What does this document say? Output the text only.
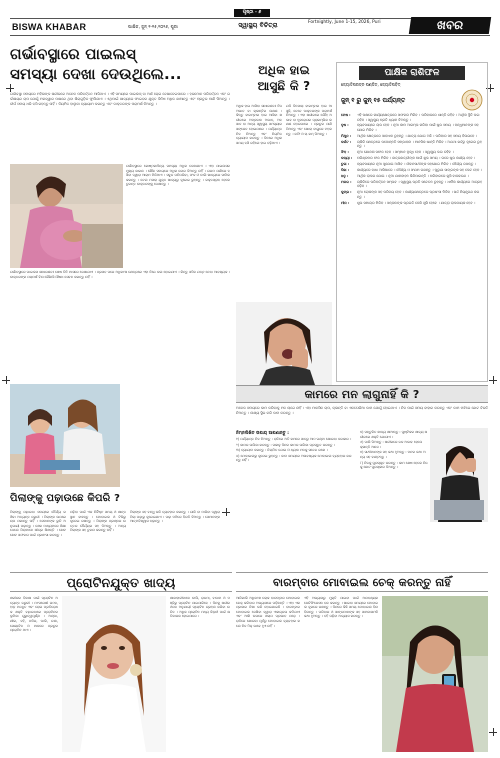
ପୃଷ୍ଠା - ୬
BISWA KHABAR	ପାକ୍ଷିକ, ଜୁନ୍ ୧-୧୫,୨୦୨୬, ପୁରୀ	ସ୍ୱାସ୍ଥ୍ୟ ବିଚିତ୍ରା	Fortnightly, June 1-15, 2026, Puri	ଖବର
ଗର୍ଭାବସ୍ଥାରେ ପାଇଲସ୍
ସମସ୍ୟା ଦେଖା ଦେଉଥିଲେ...
ଗର୍ଭାବସ୍ଥା ସମୟରେ ମହିଳାଙ୍କ ଶରୀରରେ ଅନେକ ପରିବର୍ତ୍ତନ ଆସିଥାଏ । ଏହି ସମୟରେ ପାଇଲସ୍ ବା ଅର୍ଶ ରୋଗ ଦେଖାଦେଇପାରେ । ହରମୋନ ପରିବର୍ତ୍ତନ ଏବଂ ଗର୍ଭାଶୟର ଚାପ ଯୋଗୁଁ ମଳଦ୍ୱାର ପାଖରେ ଥିବା ଶିରାଗୁଡ଼ିକ ଫୁଲିଯାଏ । ଏଥିପାଇଁ ଖାଦ୍ୟରେ ଫାଇବର ଯୁକ୍ତ ଜିନିଷ ଅଧିକ ଖାଆନ୍ତୁ ଏବଂ ପ୍ରଚୁର ପାଣି ପିଅନ୍ତୁ । ଦୀର୍ଘ ସମୟ ଧରି ବସି ରହନ୍ତୁ ନାହିଁ । ନିୟମିତ ହାଲୁକା ବ୍ୟାୟାମ କରନ୍ତୁ ଏବଂ ଡାକ୍ତରଙ୍କ ପରାମର୍ଶ ନିଅନ୍ତୁ ।
ଗର୍ଭାବସ୍ଥାରେ କୋଷ୍ଠକାଠିନ୍ୟ ସମସ୍ୟା ଅଧିକ ଦେଖାଯାଏ । ଏହା ପାଇଲସର ମୁଖ୍ୟ କାରଣ । ଶୌଚ ସମୟରେ ଅଧିକ ଜୋର ଦିଅନ୍ତୁ ନାହିଁ । ଗରମ ପାଣିରେ ବସିବା ଦ୍ୱାରା ଆରାମ ମିଳିଥାଏ । ସବୁଜ ପନିପରିବା, ଫଳ ଓ ଡାଲି ଖାଦ୍ୟରେ ସାମିଲ କରନ୍ତୁ । ତେଲ ମସଲା ଯୁକ୍ତ ଖାଦ୍ୟରୁ ଦୂରେଇ ରୁହନ୍ତୁ । ରକ୍ତସ୍ରାବ ହେଲେ ତୁରନ୍ତ ଡାକ୍ତରଙ୍କୁ ଦେଖାନ୍ତୁ ।
ଗର୍ଭାବସ୍ଥାରେ ପାଇଲସ ସାଧାରଣତଃ ଶେଷ ତିନି ମାସରେ ଦେଖାଯାଏ । ପ୍ରସବ ପରେ ଅଧିକାଂଶ କ୍ଷେତ୍ରରେ ଏହା ନିଜେ ଭଲ ହୋଇଯାଏ । କିନ୍ତୁ ସଠିକ ଯତ୍ନ ନେବା ଆବଶ୍ୟକ । ଡାକ୍ତରଙ୍କ ପରାମର୍ଶ ବିନା କୌଣସି ଔଷଧ ସେବନ କରନ୍ତୁ ନାହିଁ ।
ପିଲାଙ୍କୁ ପଢ଼ାଉଛେ କିପରି ?
ପିଲାଙ୍କୁ ପଢ଼ାଇବା ସମୟରେ ଧୈର୍ଯ୍ୟ ରଖିବା ଅତ୍ୟନ୍ତ ଜରୁରୀ । ପିଲାଙ୍କ ଉପରେ ଚାପ ପକାନ୍ତୁ ନାହିଁ । ସେମାନଙ୍କ ରୁଚି ଅନୁଯାୟୀ ପଢ଼ାନ୍ତୁ । ଖେଳ ମାଧ୍ୟମରେ ଶିକ୍ଷା ଦେଲେ ପିଲାମାନେ ଶୀଘ୍ର ଶିଖନ୍ତି । ଛୋଟ ଛୋଟ ସଫଳତା ପାଇଁ ପ୍ରଶଂସା କରନ୍ତୁ ।
ପଢ଼ିବା ପାଇଁ ଏକ ନିର୍ଦ୍ଦିଷ୍ଟ ସମୟ ଓ ଶାନ୍ତ ସ୍ଥାନ ବାଛନ୍ତୁ । ମୋବାଇଲ ଓ ଟିଭିରୁ ଦୂରେଇ ରଖନ୍ତୁ । ପିଲାଙ୍କ ପ୍ରଶ୍ନର ଉତ୍ତର ଧୈର୍ଯ୍ୟର ସହ ଦିଅନ୍ତୁ । ଅନ୍ୟ ପିଲାଙ୍କ ସହ ତୁଳନା କରନ୍ତୁ ନାହିଁ ।
ପିଲାଙ୍କ ସହ ବନ୍ଧୁ ଭଳି ବ୍ୟବହାର କରନ୍ତୁ । ଗାଳି ବା ମାରିବା ଦ୍ୱାରା ପିଲା ପଢ଼ାରୁ ଦୂରେଇଯାଏ । ପଢ଼ା ମଝିରେ ବିରତି ଦିଅନ୍ତୁ । ସେମାନଙ୍କ ଆତ୍ମବିଶ୍ୱାସ ବଢ଼ାନ୍ତୁ ।
ଅଧିକ ହାଇ
ଆସୁଛି କି ?
ଅଧିକ ହାଇ ଆସିବା ସାଧାରଣତଃ ନିଦ ଅଭାବ ବା କ୍ଳାନ୍ତିର ଲକ୍ଷଣ । କିନ୍ତୁ ବାରମ୍ବାର ହାଇ ଆସିବା ଶରୀରରେ ଅମ୍ଳଜାନ ଅଭାବ, ଅବସାଦ ବା ଅନ୍ୟ ସ୍ୱାସ୍ଥ୍ୟ ସମସ୍ୟାର ସଙ୍କେତ ହୋଇପାରେ । ପର୍ଯ୍ୟାପ୍ତ ନିଦ ନିଅନ୍ତୁ ଏବଂ ନିୟମିତ ବ୍ୟାୟାମ କରନ୍ତୁ । ଦିନରେ ଅଧିକ ସମୟ ବସି ରହିଲେ ହାଇ ବଢ଼ିଥାଏ ।
ଯଦି ଦିନସାରା ବାରମ୍ବାର ହାଇ ଆସୁଛି, ତେବେ ଡାକ୍ତରଙ୍କ ପରାମର୍ଶ ନିଅନ୍ତୁ । ଏହା ଶରୀରରେ ଲୌହ ଅଭାବ ବା ହୃଦରୋଗର ପ୍ରାରମ୍ଭିକ ଲକ୍ଷଣ ହୋଇପାରେ । ପ୍ରଚୁର ପାଣି ପିଅନ୍ତୁ ଏବଂ ଖୋଲା ବାୟୁରେ ଟହଲନ୍ତୁ । କଫି ଓ ଚା କମ୍ ପିଅନ୍ତୁ ।
ପାକ୍ଷିକ ରାଶିଫଳ
ଜ୍ୟୋତିଷରତ୍ନ ପଣ୍ଡିତ, ଜ୍ୟୋତିଷବିଦ୍
ଜୁନ୍ ୧ ରୁ ଜୁନ୍ ୧୫ ପର୍ଯ୍ୟନ୍ତ
ମେଷ :	ଏହି ପକ୍ଷରେ କାର୍ଯ୍ୟକ୍ଷେତ୍ରରେ ସଫଳତା ମିଳିବ । ପରିବାରରେ ଶାନ୍ତି ରହିବ । ଆର୍ଥିକ ସ୍ଥିତି ଭଲ ରହିବ । ସ୍ୱାସ୍ଥ୍ୟ ପ୍ରତି ଧ୍ୟାନ ଦିଅନ୍ତୁ ।
ବୃଷ :	ବ୍ୟବସାୟରେ ଲାଭ ହେବ । ନୂଆ କାମ ଆରମ୍ଭ କରିବା ପାଇଁ ଶୁଭ ସମୟ । ବନ୍ଧୁମାନଙ୍କ ସହଯୋଗ ମିଳିବ ।
ମିଥୁନ :	ଆର୍ଥିକ କ୍ଷେତ୍ରରେ ସାବଧାନ ରୁହନ୍ତୁ । ଯାତ୍ରା ଯୋଗ ଅଛି । ପରିବାର ସହ ସମୟ ବିତାଇବେ ।
କର୍କଟ :	ଚାକିରି କ୍ଷେତ୍ରରେ ପଦୋନ୍ନତି ସମ୍ଭାବନା । ମାନସିକ ଶାନ୍ତି ମିଳିବ । ଅଯଥା ଖର୍ଚ୍ଚରୁ ଦୂରେଇ ରୁହନ୍ତୁ ।
ସିଂହ :	ନୂଆ ଯୋଜନା ସଫଳ ହେବ । ସମ୍ମାନ ବୃଦ୍ଧି ହେବ । ସ୍ୱାସ୍ଥ୍ୟ ଭଲ ରହିବ ।
କନ୍ୟା :	ପରିଶ୍ରମର ଫଳ ମିଳିବ । ଛାତ୍ରଛାତ୍ରୀଙ୍କ ପାଇଁ ଶୁଭ ସମୟ । ଘରେ ଶୁଭ କାର୍ଯ୍ୟ ହେବ ।
ତୁଳା :	ବ୍ୟବସାୟରେ ନୂଆ ସୁଯୋଗ ଆସିବ । ଜୀବନସାଥୀଙ୍କ ସହଯୋଗ ମିଳିବ । ଧୈର୍ଯ୍ୟ ରଖନ୍ତୁ ।
ବିଛା :	କାର୍ଯ୍ୟରେ ବାଧା ଆସିପାରେ । ଧୈର୍ଯ୍ୟ ଓ ସଂଯମ ରଖନ୍ତୁ । ପୁରୁଣା ସାଙ୍ଗଙ୍କ ସହ ଭେଟ ହେବ ।
ଧନୁ :	ଆର୍ଥିକ ଲାଭର ଯୋଗ । ନୂଆ ଯାନବାହନ କିଣିପାରନ୍ତି । ପରିବାରରେ ଖୁସି ବାତାବରଣ ।
ମକର :	ଚାକିରିରେ ପରିବର୍ତ୍ତନ ସମ୍ଭବ । ସ୍ୱାସ୍ଥ୍ୟ ପ୍ରତି ସଚେତନ ରୁହନ୍ତୁ । ଧାର୍ମିକ କାର୍ଯ୍ୟରେ ଆଗ୍ରହ ବଢ଼ିବ ।
କୁମ୍ଭ :	ନୂଆ ଲୋକଙ୍କ ସହ ପରିଚୟ ହେବ । କାର୍ଯ୍ୟକ୍ଷେତ୍ରରେ ପ୍ରଶଂସା ମିଳିବ । ଖର୍ଚ୍ଚ ନିୟନ୍ତ୍ରଣ କରନ୍ତୁ ।
ମୀନ :	ଶୁଭ ସମାଚାର ମିଳିବ । ସନ୍ତାନଙ୍କ ପ୍ରଗତି ଦେଖି ଖୁସି ହେବେ । ଯାତ୍ରା ଲାଭଦାୟକ ହେବ ।
କାମରେ ମନ ଲାଗୁନାହିଁ କି ?
ଅନେକ ସମୟରେ କାମ କରିବାକୁ ମନ ଲାଗେ ନାହିଁ । ଏହା ମାନସିକ ଚାପ, କ୍ଳାନ୍ତି ବା ଏକଘେରିଆ କାମ ଯୋଗୁଁ ହୋଇଥାଏ । ନିଜ ପାଇଁ ସମୟ ବାହାର କରନ୍ତୁ ଏବଂ କାମ ମଝିରେ ଛୋଟ ବିରତି ନିଅନ୍ତୁ । ଲକ୍ଷ୍ୟ ସ୍ଥିର କରି କାମ କରନ୍ତୁ ।
ନିମ୍ନଲିଖିତ ଉପାୟ ଆପଣାନ୍ତୁ :
୧) ପର୍ଯ୍ୟାପ୍ତ ନିଦ ନିଅନ୍ତୁ : ରାତିରେ ଅତି କମରେ ସାତରୁ ଆଠ ଘଣ୍ଟା ଶୋଇବା ଦରକାର ।
୨) କାମର ତାଲିକା କରନ୍ତୁ : ସକାଳୁ ଦିନର କାମର ତାଲିକା ପ୍ରସ୍ତୁତ କରନ୍ତୁ ।
୩) ବ୍ୟାୟାମ କରନ୍ତୁ : ନିୟମିତ ଯୋଗ ଓ ଧ୍ୟାନ ମନକୁ ସତେଜ ରଖେ ।
୪) ମୋବାଇଲରୁ ଦୂରେଇ ରୁହନ୍ତୁ : କାମ ସମୟରେ ଅନାବଶ୍ୟକ ମୋବାଇଲ ବ୍ୟବହାର କରନ୍ତୁ ନାହିଁ ।
୫) ସନ୍ତୁଳିତ ଖାଦ୍ୟ ଖାଆନ୍ତୁ : ପୁଷ୍ଟିକର ଖାଦ୍ୟ ଶରୀରରେ ଶକ୍ତି ଯୋଗାଏ ।
୬) ପାଣି ପିଅନ୍ତୁ : ଶରୀରରେ ଜଳ ଅଭାବ ହେଲେ କ୍ଳାନ୍ତି ଆସେ ।
୭) ସାଥୀମାନଙ୍କ ସହ କଥା ହୁଅନ୍ତୁ : ମନର କଥା ଅନ୍ୟ ସହ ବାଣ୍ଟନ୍ତୁ ।
୮) ନିଜକୁ ପୁରସ୍କୃତ କରନ୍ତୁ : କାମ ଶେଷ ହେଲେ ନିଜକୁ ଛୋଟ ପୁରସ୍କାର ଦିଅନ୍ତୁ ।
ପ୍ରୋଟିନଯୁକ୍ତ ଖାଦ୍ୟ
ଶରୀରର ବିକାଶ ପାଇଁ ପ୍ରୋଟିନ ଅତ୍ୟନ୍ତ ଜରୁରୀ । ମାଂସପେଶୀ ଗଠନ, ହାଡ଼ ମଜବୁତ ଏବଂ ରୋଗ ପ୍ରତିରୋଧକ ଶକ୍ତି ବଢ଼ାଇବାରେ ପ୍ରୋଟିନର ଭୂମିକା ଗୁରୁତ୍ୱପୂର୍ଣ୍ଣ । ଅଣ୍ଡା, କ୍ଷୀର, ଦହି, ପନିର, ଡାଲି, ଚଣା, ସୋୟାବିନ ଓ ମାଛରେ ପ୍ରଚୁର ପ୍ରୋଟିନ ଥାଏ ।
ଶାକାହାରୀମାନେ ଡାଲି, ରାଜମା, ବାଦାମ ଓ ମଞ୍ଜିରୁ ପ୍ରୋଟିନ ପାଇପାରିବେ । ଦିନକୁ ଶରୀର ଓଜନ ଅନୁଯାୟୀ ପ୍ରୋଟିନ ଗ୍ରହଣ କରିବା ଉଚିତ । ଅଧିକ ପ୍ରୋଟିନ ମଧ୍ୟ କିଡ଼ନୀ ପାଇଁ କ୍ଷତିକାରକ ହୋଇପାରେ ।
ବାରମ୍ବାର ମୋବାଇଲ ଚେକ୍ କରନ୍ତୁ ନାହିଁ
ଆଜିକାଲି ଅଧିକାଂଶ ଲୋକ ବାରମ୍ବାର ମୋବାଇଲ ଚେକ୍ କରିବାର ଅଭ୍ୟାସରେ ପଡ଼ିଛନ୍ତି । ଏହା ଏକ ପ୍ରକାର ନିଶା ଭଳି ହୋଇଯାଇଛି । ବାରମ୍ବାର ମୋବାଇଲ ଦେଖିବା ଦ୍ୱାରା ଏକାଗ୍ରତା କମିଯାଏ ଏବଂ ଆଖି ଉପରେ ଖରାପ ପ୍ରଭାବ ପଡ଼େ । ରାତିରେ ଶୋଇବା ପୂର୍ବରୁ ମୋବାଇଲ ବ୍ୟବହାର କଲେ ନିଦ ଠିକ୍ ଭାବେ ହୁଏ ନାହିଁ ।
ଏହି ଅଭ୍ୟାସରୁ ମୁକ୍ତି ପାଇବା ପାଇଁ ଅନାବଶ୍ୟକ ନୋଟିଫିକେସନ ବନ୍ଦ କରନ୍ତୁ । ଖାଇବା ସମୟରେ ମୋବାଇଲ ଦୂରରେ ରଖନ୍ତୁ । ଦିନରେ କିଛି ସମୟ ମୋବାଇଲ ବିନା ବିତାନ୍ତୁ । ପରିବାର ଓ ସାଙ୍ଗମାନଙ୍କ ସହ ସାମନାସାମନି କଥା ହୁଅନ୍ତୁ । ବହି ପଢ଼ିବା ଅଭ୍ୟାସ କରନ୍ତୁ ।
